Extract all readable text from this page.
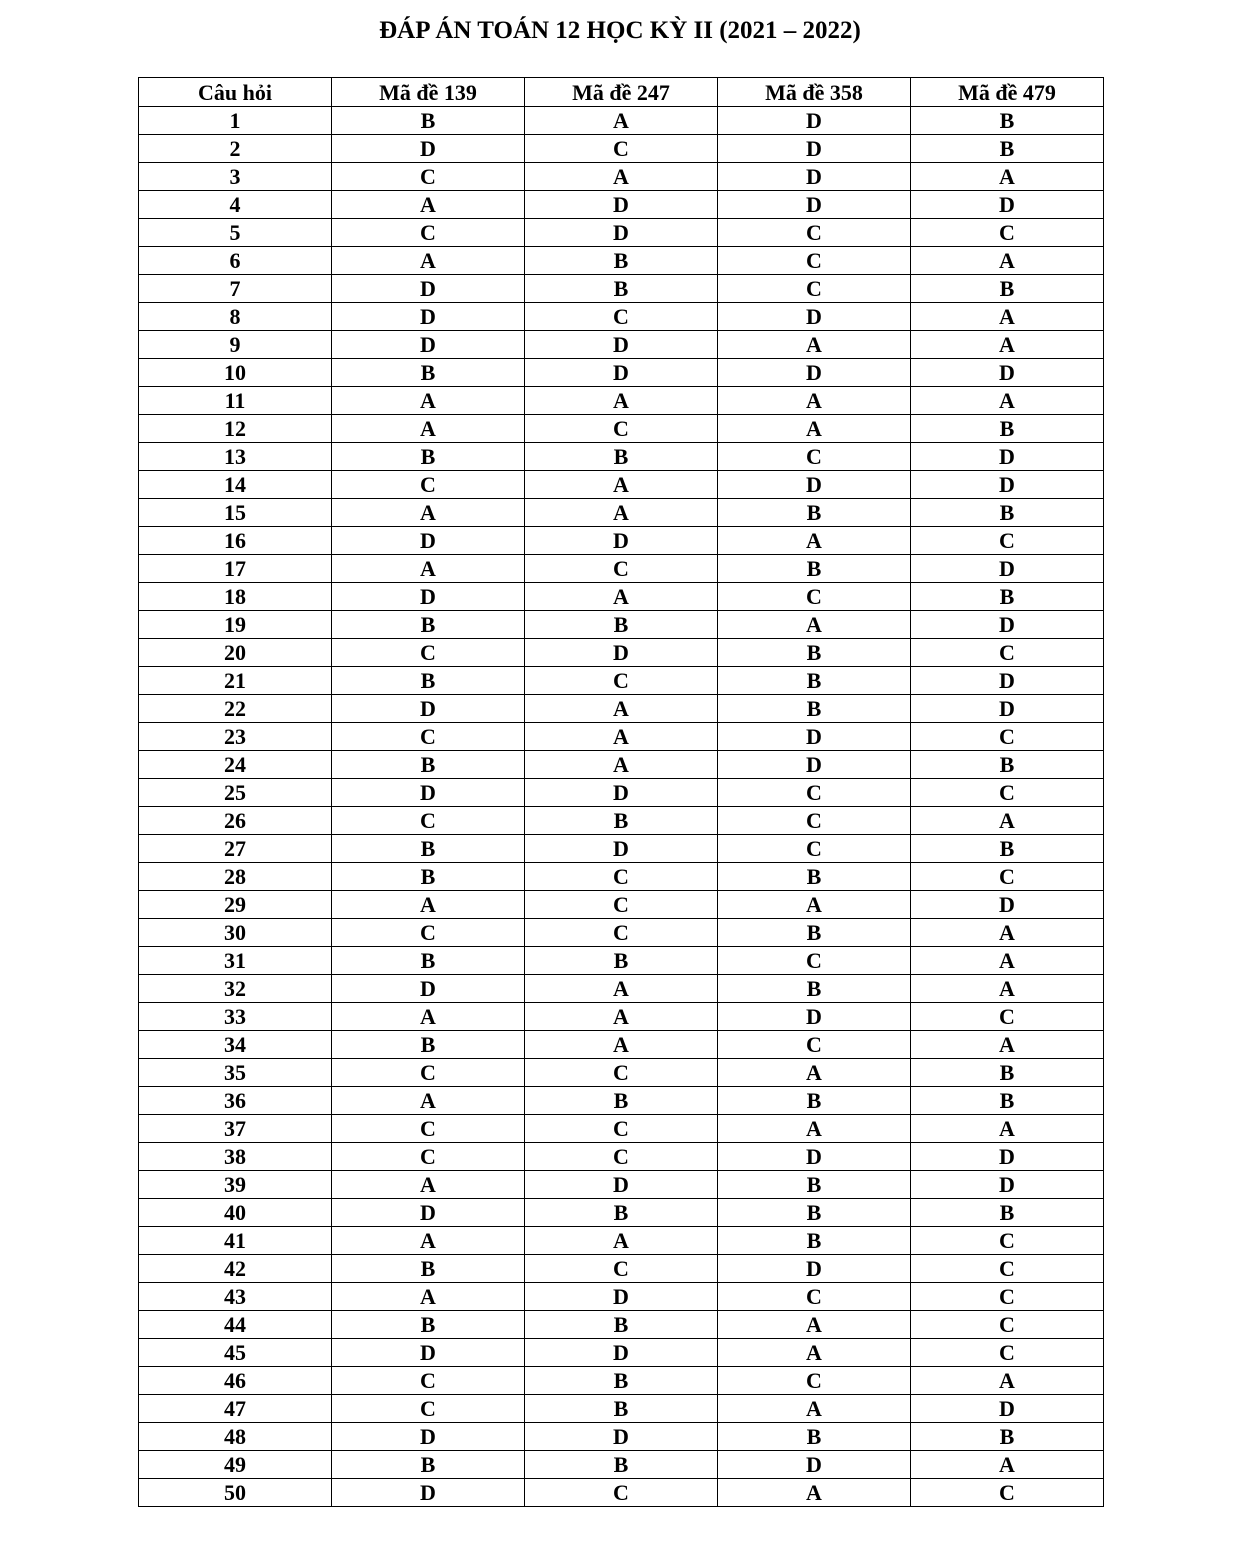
ĐÁP ÁN TOÁN 12 HỌC KỲ II (2021 – 2022)
Câu hỏi	Mã đề 139	Mã đề 247	Mã đề 358	Mã đề 479
1	B	A	D	B
2	D	C	D	B
3	C	A	D	A
4	A	D	D	D
5	C	D	C	C
6	A	B	C	A
7	D	B	C	B
8	D	C	D	A
9	D	D	A	A
10	B	D	D	D
11	A	A	A	A
12	A	C	A	B
13	B	B	C	D
14	C	A	D	D
15	A	A	B	B
16	D	D	A	C
17	A	C	B	D
18	D	A	C	B
19	B	B	A	D
20	C	D	B	C
21	B	C	B	D
22	D	A	B	D
23	C	A	D	C
24	B	A	D	B
25	D	D	C	C
26	C	B	C	A
27	B	D	C	B
28	B	C	B	C
29	A	C	A	D
30	C	C	B	A
31	B	B	C	A
32	D	A	B	A
33	A	A	D	C
34	B	A	C	A
35	C	C	A	B
36	A	B	B	B
37	C	C	A	A
38	C	C	D	D
39	A	D	B	D
40	D	B	B	B
41	A	A	B	C
42	B	C	D	C
43	A	D	C	C
44	B	B	A	C
45	D	D	A	C
46	C	B	C	A
47	C	B	A	D
48	D	D	B	B
49	B	B	D	A
50	D	C	A	C
